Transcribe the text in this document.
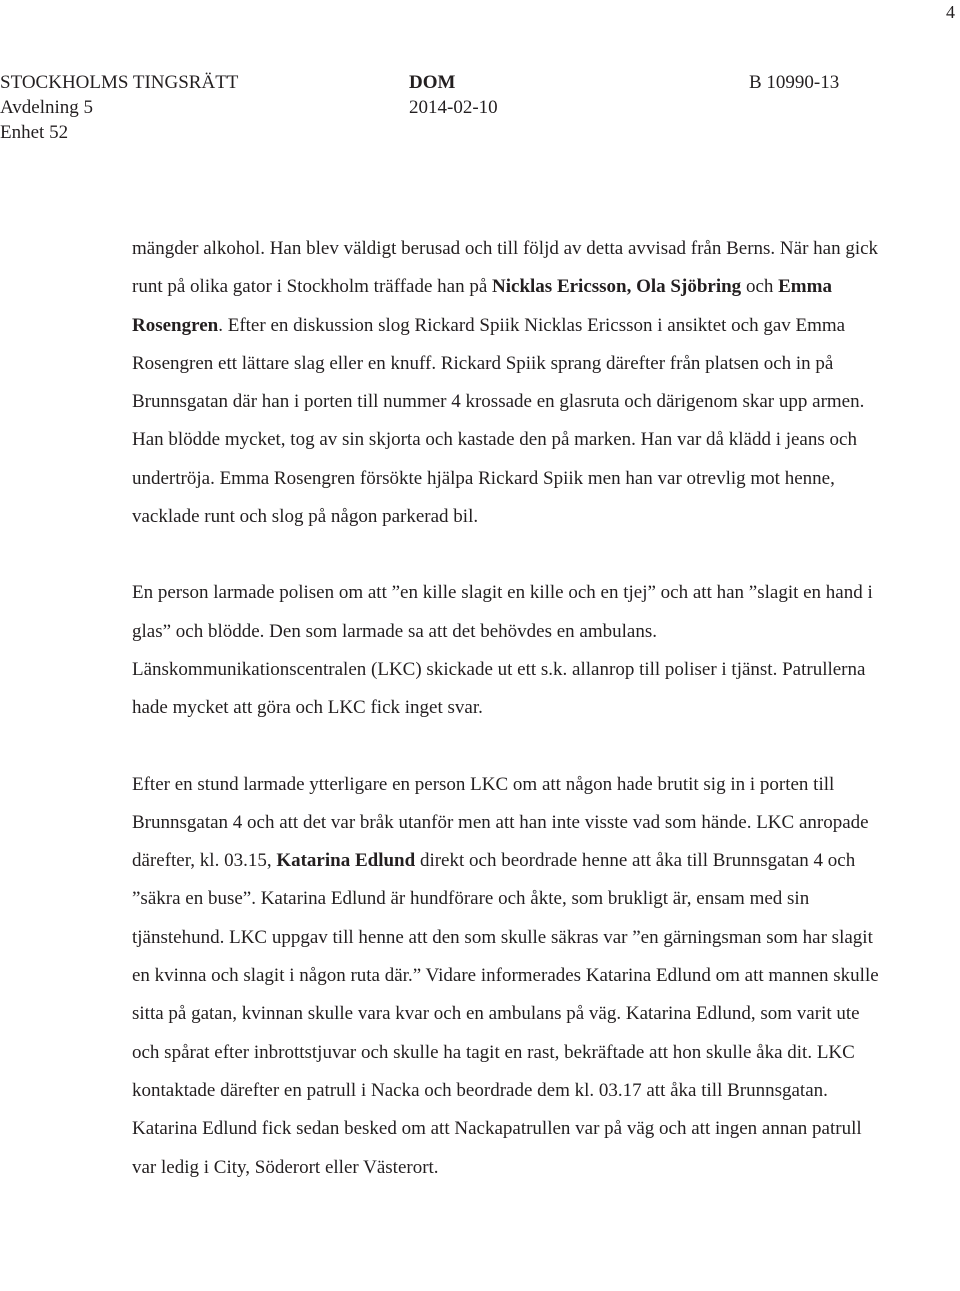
4
STOCKHOLMS TINGSRÄTT
Avdelning 5
Enhet 52
DOM
2014-02-10
B 10990-13

mängder alkohol. Han blev väldigt berusad och till följd av detta avvisad från Berns. När han gick runt på olika gator i Stockholm träffade han på Nicklas Ericsson, Ola Sjöbring och Emma Rosengren. Efter en diskussion slog Rickard Spiik Nicklas Ericsson i ansiktet och gav Emma Rosengren ett lättare slag eller en knuff. Rickard Spiik sprang därefter från platsen och in på Brunnsgatan där han i porten till nummer 4 krossade en glasruta och därigenom skar upp armen. Han blödde mycket, tog av sin skjorta och kastade den på marken. Han var då klädd i jeans och undertröja. Emma Rosengren försökte hjälpa Rickard Spiik men han var otrevlig mot henne, vacklade runt och slog på någon parkerad bil.

En person larmade polisen om att ”en kille slagit en kille och en tjej” och att han ”slagit en hand i glas” och blödde. Den som larmade sa att det behövdes en ambulans. Länskommunikationscentralen (LKC) skickade ut ett s.k. allanrop till poliser i tjänst. Patrullerna hade mycket att göra och LKC fick inget svar.

Efter en stund larmade ytterligare en person LKC om att någon hade brutit sig in i porten till Brunnsgatan 4 och att det var bråk utanför men att han inte visste vad som hände. LKC anropade därefter, kl. 03.15, Katarina Edlund direkt och beordrade henne att åka till Brunnsgatan 4 och ”säkra en buse”. Katarina Edlund är hundförare och åkte, som brukligt är, ensam med sin tjänstehund. LKC uppgav till henne att den som skulle säkras var ”en gärningsman som har slagit en kvinna och slagit i någon ruta där.” Vidare informerades Katarina Edlund om att mannen skulle sitta på gatan, kvinnan skulle vara kvar och en ambulans på väg. Katarina Edlund, som varit ute och spårat efter inbrottstjuvar och skulle ha tagit en rast, bekräftade att hon skulle åka dit. LKC kontaktade därefter en patrull i Nacka och beordrade dem kl. 03.17 att åka till Brunnsgatan. Katarina Edlund fick sedan besked om att Nackapatrullen var på väg och att ingen annan patrull var ledig i City, Söderort eller Västerort.
